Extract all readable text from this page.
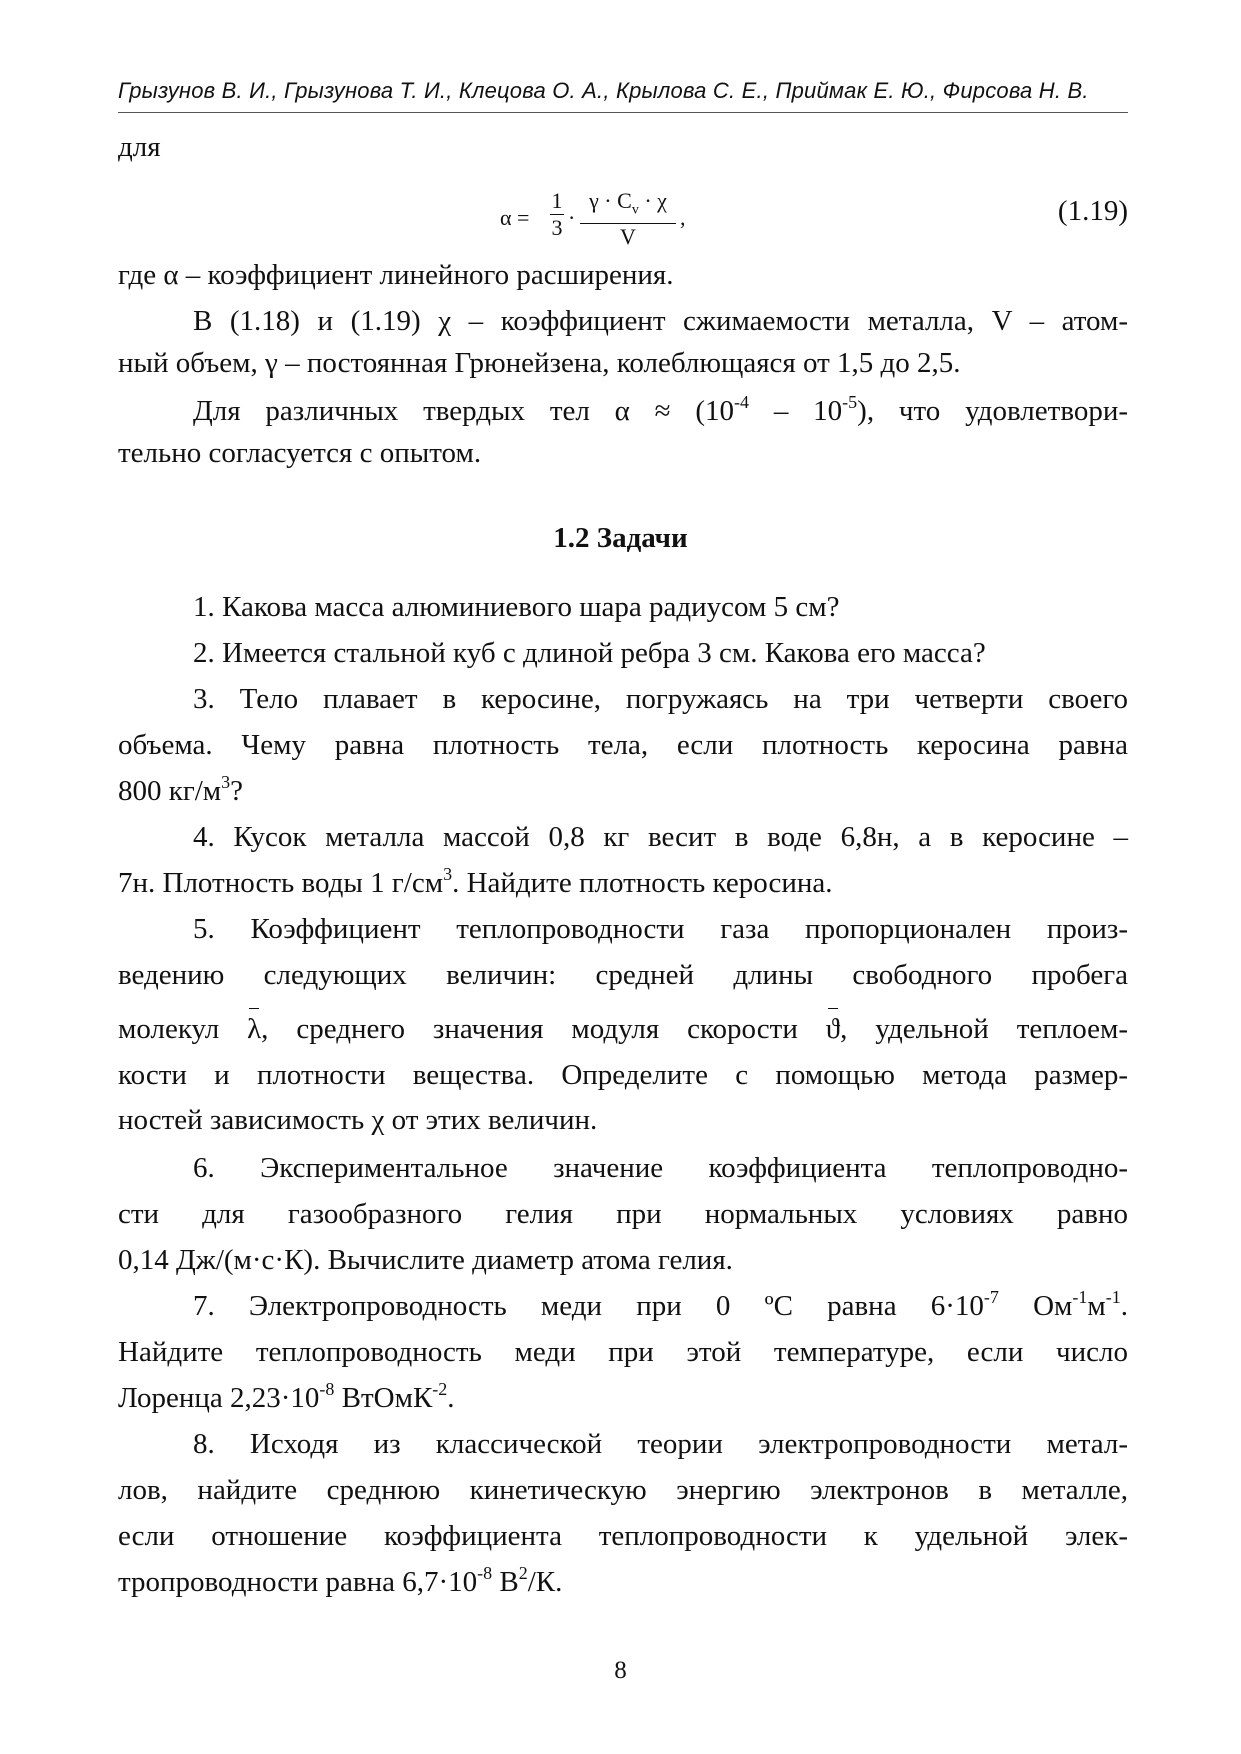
Грызунов В. И., Грызунова Т. И., Клецова О. А., Крылова С. Е., Приймак Е. Ю., Фирсова Н. В.
для
α =
1
3 ·
$\gamma \cdot C_v \cdot \chi$
V
,	(1.19)
где α – коэффициент линейного расширения.
В (1.18) и (1.19) χ – коэффициент сжимаемости металла, V – атом-
ный объем, γ – постоянная Грюнейзена, колеблющаяся от 1,5 до 2,5.
Для различных твердых тел $\alpha \approx (10^{-4} - 10^{-5})$, что удовлетвори-
тельно согласуется с опытом.
1.2 Задачи
1. Какова масса алюминиевого шара радиусом 5 см?
2. Имеется стальной куб с длиной ребра 3 см. Какова его масса?
3. Тело плавает в керосине, погружаясь на три четверти своего
объема. Чему равна плотность тела, если плотность керосина равна
800 $кг/м^3$?
4. Кусок металла массой 0,8 кг весит в воде 6,8н, а в керосине –
7н. Плотность воды 1 $г/см^3$. Найдите плотность керосина.
5. Коэффициент теплопроводности газа пропорционален произ-
ведению следующих величин: средней длины свободного пробега
молекул λ, среднего значения модуля скорости ϑ, удельной теплоем-
кости и плотности вещества. Определите с помощью метода размер-
ностей зависимость χ от этих величин.
6. Экспериментальное значение коэффициента теплопроводно-
сти для газообразного гелия при нормальных условиях равно
0,14 Дж/(м·с·К). Вычислите диаметр атома гелия.
7. Электропроводность меди при 0 ºС равна $6\cdot 10^{-7}$ $Ом^{-1}м^{-1}$.
Найдите теплопроводность меди при этой температуре, если число
Лоренца $2,23\cdot 10^{-8}$ ВтОмК$^{-2}$.
8. Исходя из классической теории электропроводности метал-
лов, найдите среднюю кинетическую энергию электронов в металле,
если отношение коэффициента теплопроводности к удельной элек-
тропроводности равна $6,7\cdot 10^{-8}$ $В^2/К$.
8
